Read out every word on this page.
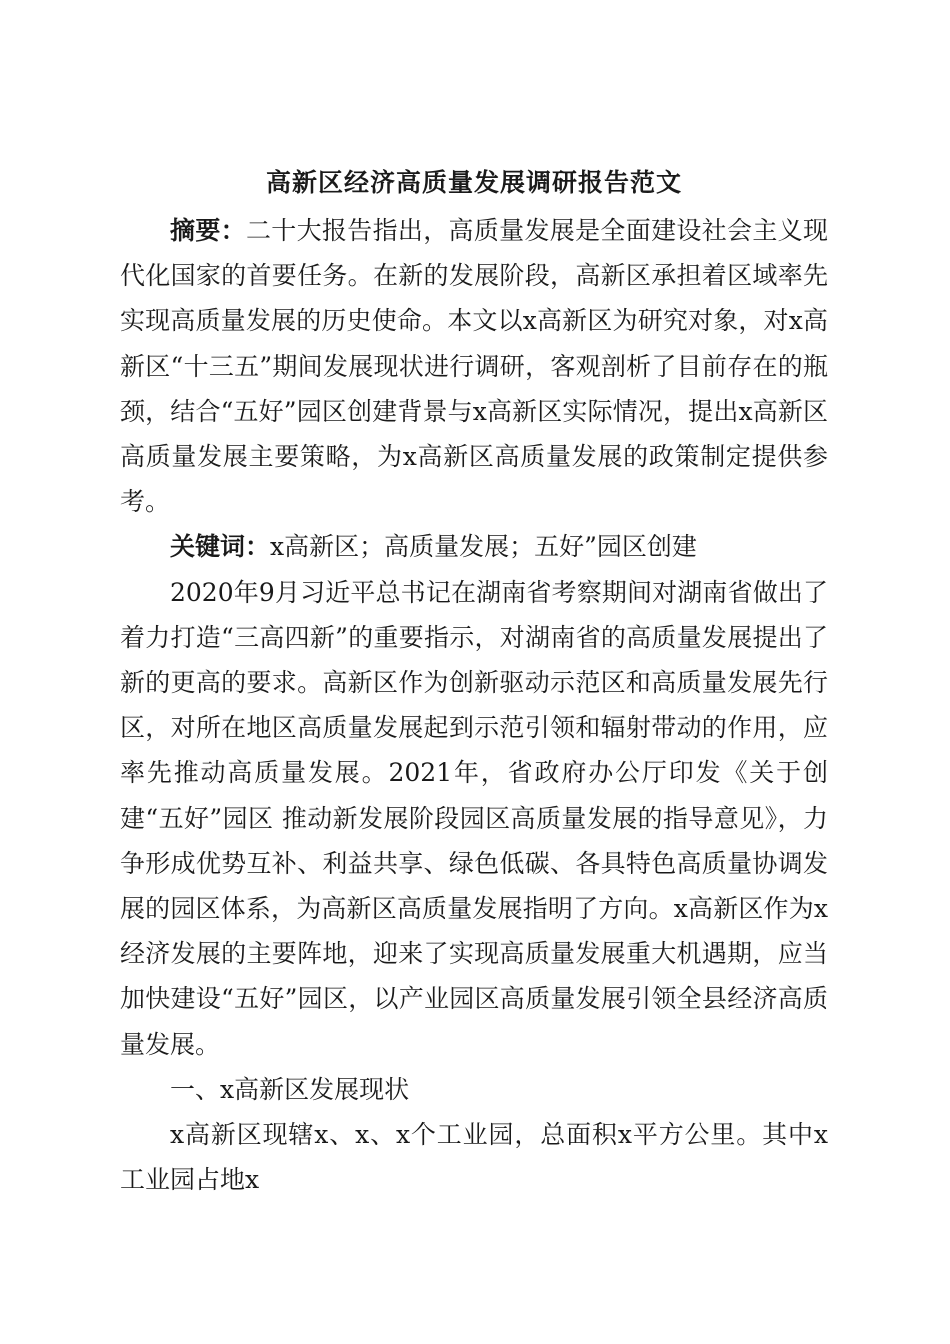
高新区经济高质量发展调研报告范文

摘要：二十大报告指出，高质量发展是全面建设社会主义现代化国家的首要任务。在新的发展阶段，高新区承担着区域率先实现高质量发展的历史使命。本文以x高新区为研究对象，对x高新区“十三五”期间发展现状进行调研，客观剖析了目前存在的瓶颈，结合“五好”园区创建背景与x高新区实际情况，提出x高新区高质量发展主要策略，为x高新区高质量发展的政策制定提供参考。

关键词：x高新区；高质量发展；五好”园区创建

2020年9月习近平总书记在湖南省考察期间对湖南省做出了着力打造“三高四新”的重要指示，对湖南省的高质量发展提出了新的更高的要求。高新区作为创新驱动示范区和高质量发展先行区，对所在地区高质量发展起到示范引领和辐射带动的作用，应率先推动高质量发展。2021年，省政府办公厅印发《关于创建“五好”园区 推动新发展阶段园区高质量发展的指导意见》，力争形成优势互补、利益共享、绿色低碳、各具特色高质量协调发展的园区体系，为高新区高质量发展指明了方向。x高新区作为x经济发展的主要阵地，迎来了实现高质量发展重大机遇期，应当加快建设“五好”园区，以产业园区高质量发展引领全县经济高质量发展。

一、x高新区发展现状

x高新区现辖x、x、x个工业园，总面积x平方公里。其中x工业园占地x
